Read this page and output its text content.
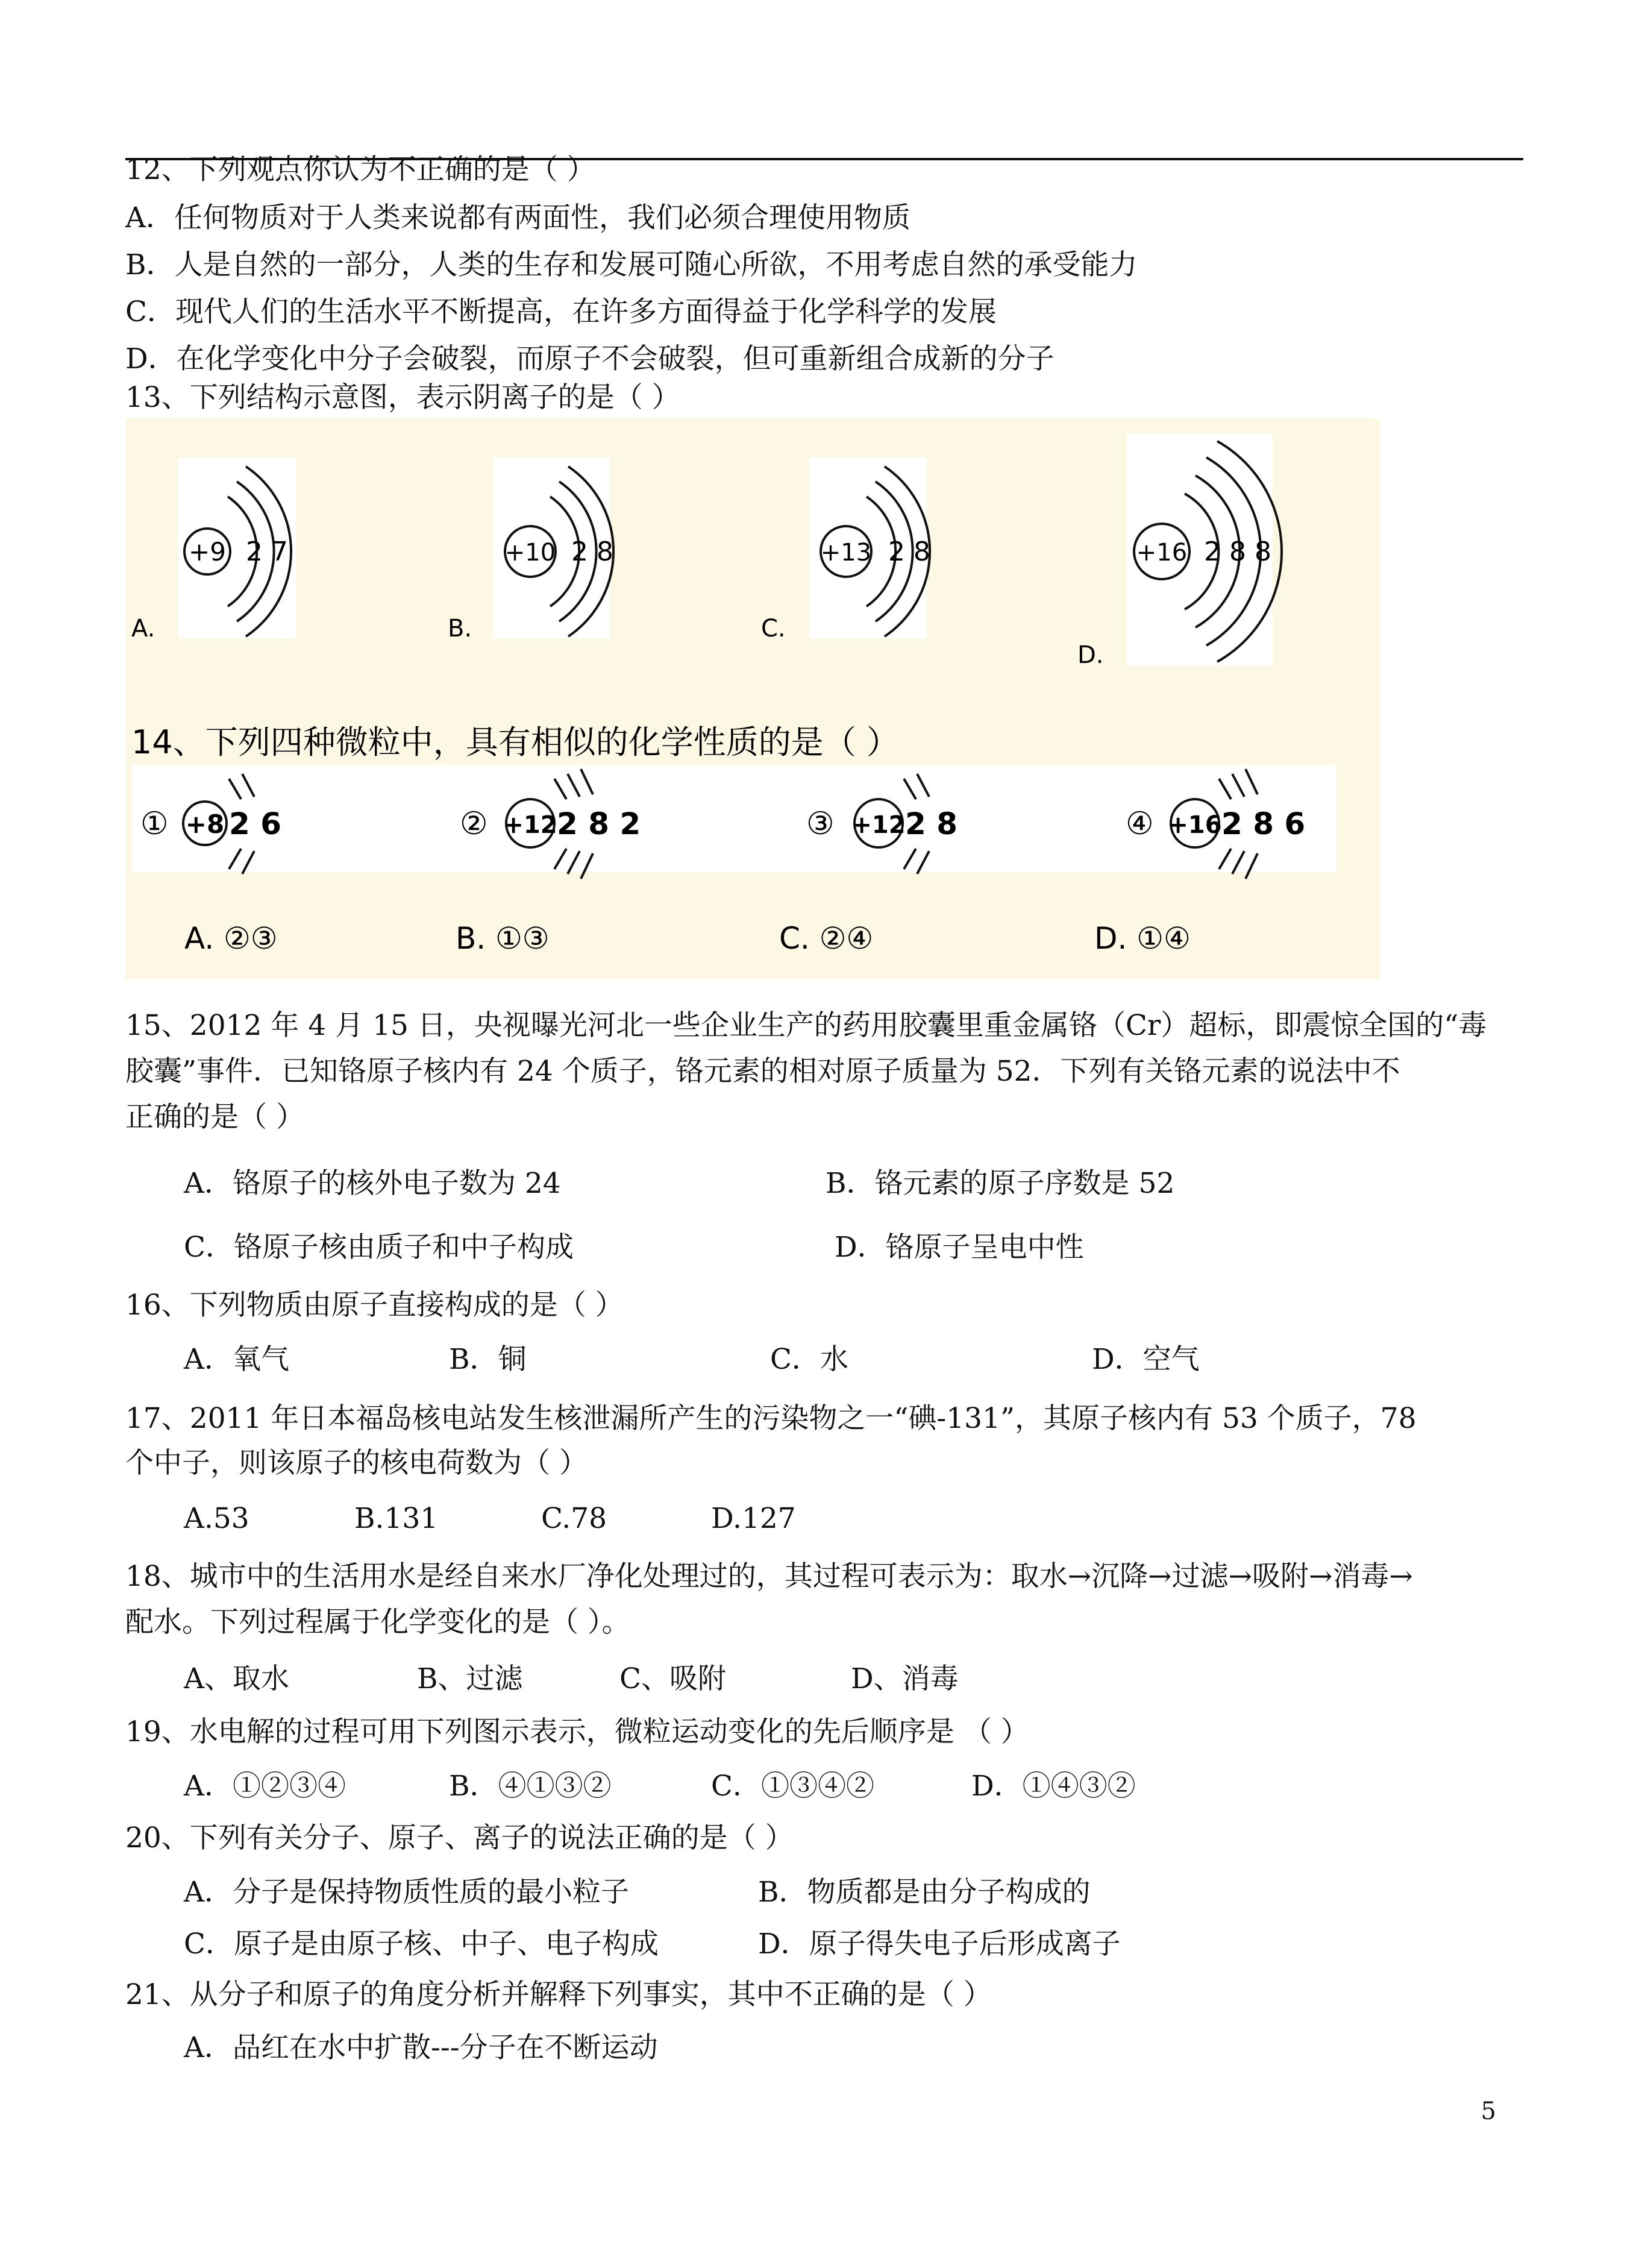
12、下列观点你认为不正确的是（ ）
A．任何物质对于人类来说都有两面性，我们必须合理使用物质
B．人是自然的一部分，人类的生存和发展可随心所欲，不用考虑自然的承受能力
C．现代人们的生活水平不断提高，在许多方面得益于化学科学的发展
D．在化学变化中分子会破裂，而原子不会破裂，但可重新组合成新的分子
13、下列结构示意图，表示阴离子的是（ ）
+9 2 7
A.
+10 2 8
B.
+13 2 8
C.
+16 2 8 8
D.
14、下列四种微粒中，具有相似的化学性质的是（ ）
① +8 2 6	② +12 2 8 2	③ +12 2 8	④ +16 2 8 6
A. ②③	B. ①③	C. ②④	D. ①④
15、2012 年 4 月 15 日，央视曝光河北一些企业生产的药用胶囊里重金属铬（Cr）超标，即震惊全国的“毒
胶囊”事件．已知铬原子核内有 24 个质子，铬元素的相对原子质量为 52．下列有关铬元素的说法中不
正确的是（ ）
A．铬原子的核外电子数为 24	B．铬元素的原子序数是 52
C．铬原子核由质子和中子构成	D．铬原子呈电中性
16、下列物质由原子直接构成的是（ ）
A．氧气	B．铜	C．水	D．空气
17、2011 年日本福岛核电站发生核泄漏所产生的污染物之一“碘-131”，其原子核内有 53 个质子，78
个中子，则该原子的核电荷数为（ ）
A.53	B.131	C.78	D.127
18、城市中的生活用水是经自来水厂净化处理过的，其过程可表示为：取水→沉降→过滤→吸附→消毒→
配水。下列过程属于化学变化的是（ ）。
A、取水	B、过滤	C、吸附	D、消毒
19、水电解的过程可用下列图示表示，微粒运动变化的先后顺序是 （ ）
A．①②③④	B．④①③②	C．①③④②	D．①④③②
20、下列有关分子、原子、离子的说法正确的是（ ）
A．分子是保持物质性质的最小粒子	B．物质都是由分子构成的
C．原子是由原子核、中子、电子构成	D．原子得失电子后形成离子
21、从分子和原子的角度分析并解释下列事实，其中不正确的是（ ）
A．品红在水中扩散---分子在不断运动
5
